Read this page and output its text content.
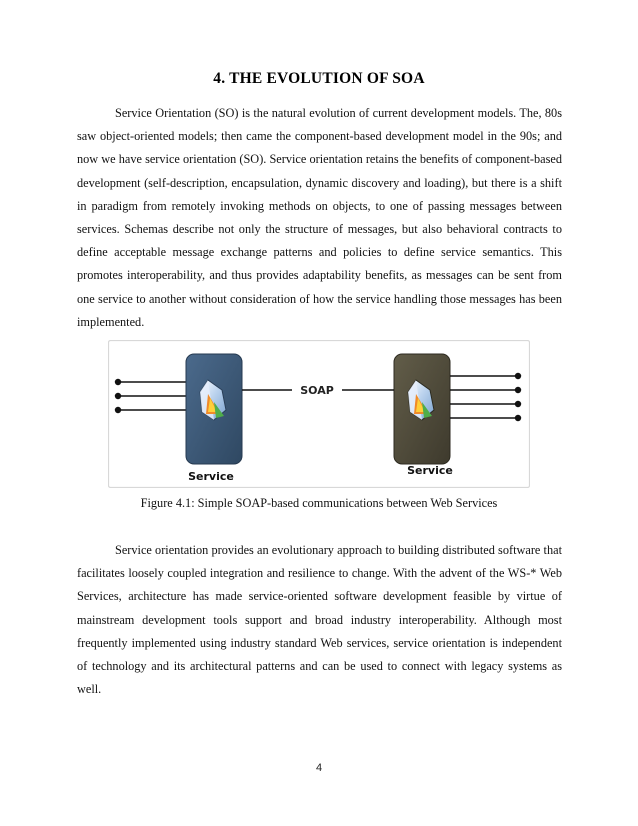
4. THE EVOLUTION OF SOA

Service Orientation (SO) is the natural evolution of current development models. The, 80s saw object-oriented models; then came the component-based development model in the 90s; and now we have service orientation (SO). Service orientation retains the benefits of component-based development (self-description, encapsulation, dynamic discovery and loading), but there is a shift in paradigm from remotely invoking methods on objects, to one of passing messages between services. Schemas describe not only the structure of messages, but also behavioral contracts to define acceptable message exchange patterns and policies to define service semantics. This promotes interoperability, and thus provides adaptability benefits, as messages can be sent from one service to another without consideration of how the service handling those messages has been implemented.

SOAP
Service	Service
Figure 4.1: Simple SOAP-based communications between Web Services

Service orientation provides an evolutionary approach to building distributed software that facilitates loosely coupled integration and resilience to change. With the advent of the WS-* Web Services, architecture has made service-oriented software development feasible by virtue of mainstream development tools support and broad industry interoperability. Although most frequently implemented using industry standard Web services, service orientation is independent of technology and its architectural patterns and can be used to connect with legacy systems as well.

4
